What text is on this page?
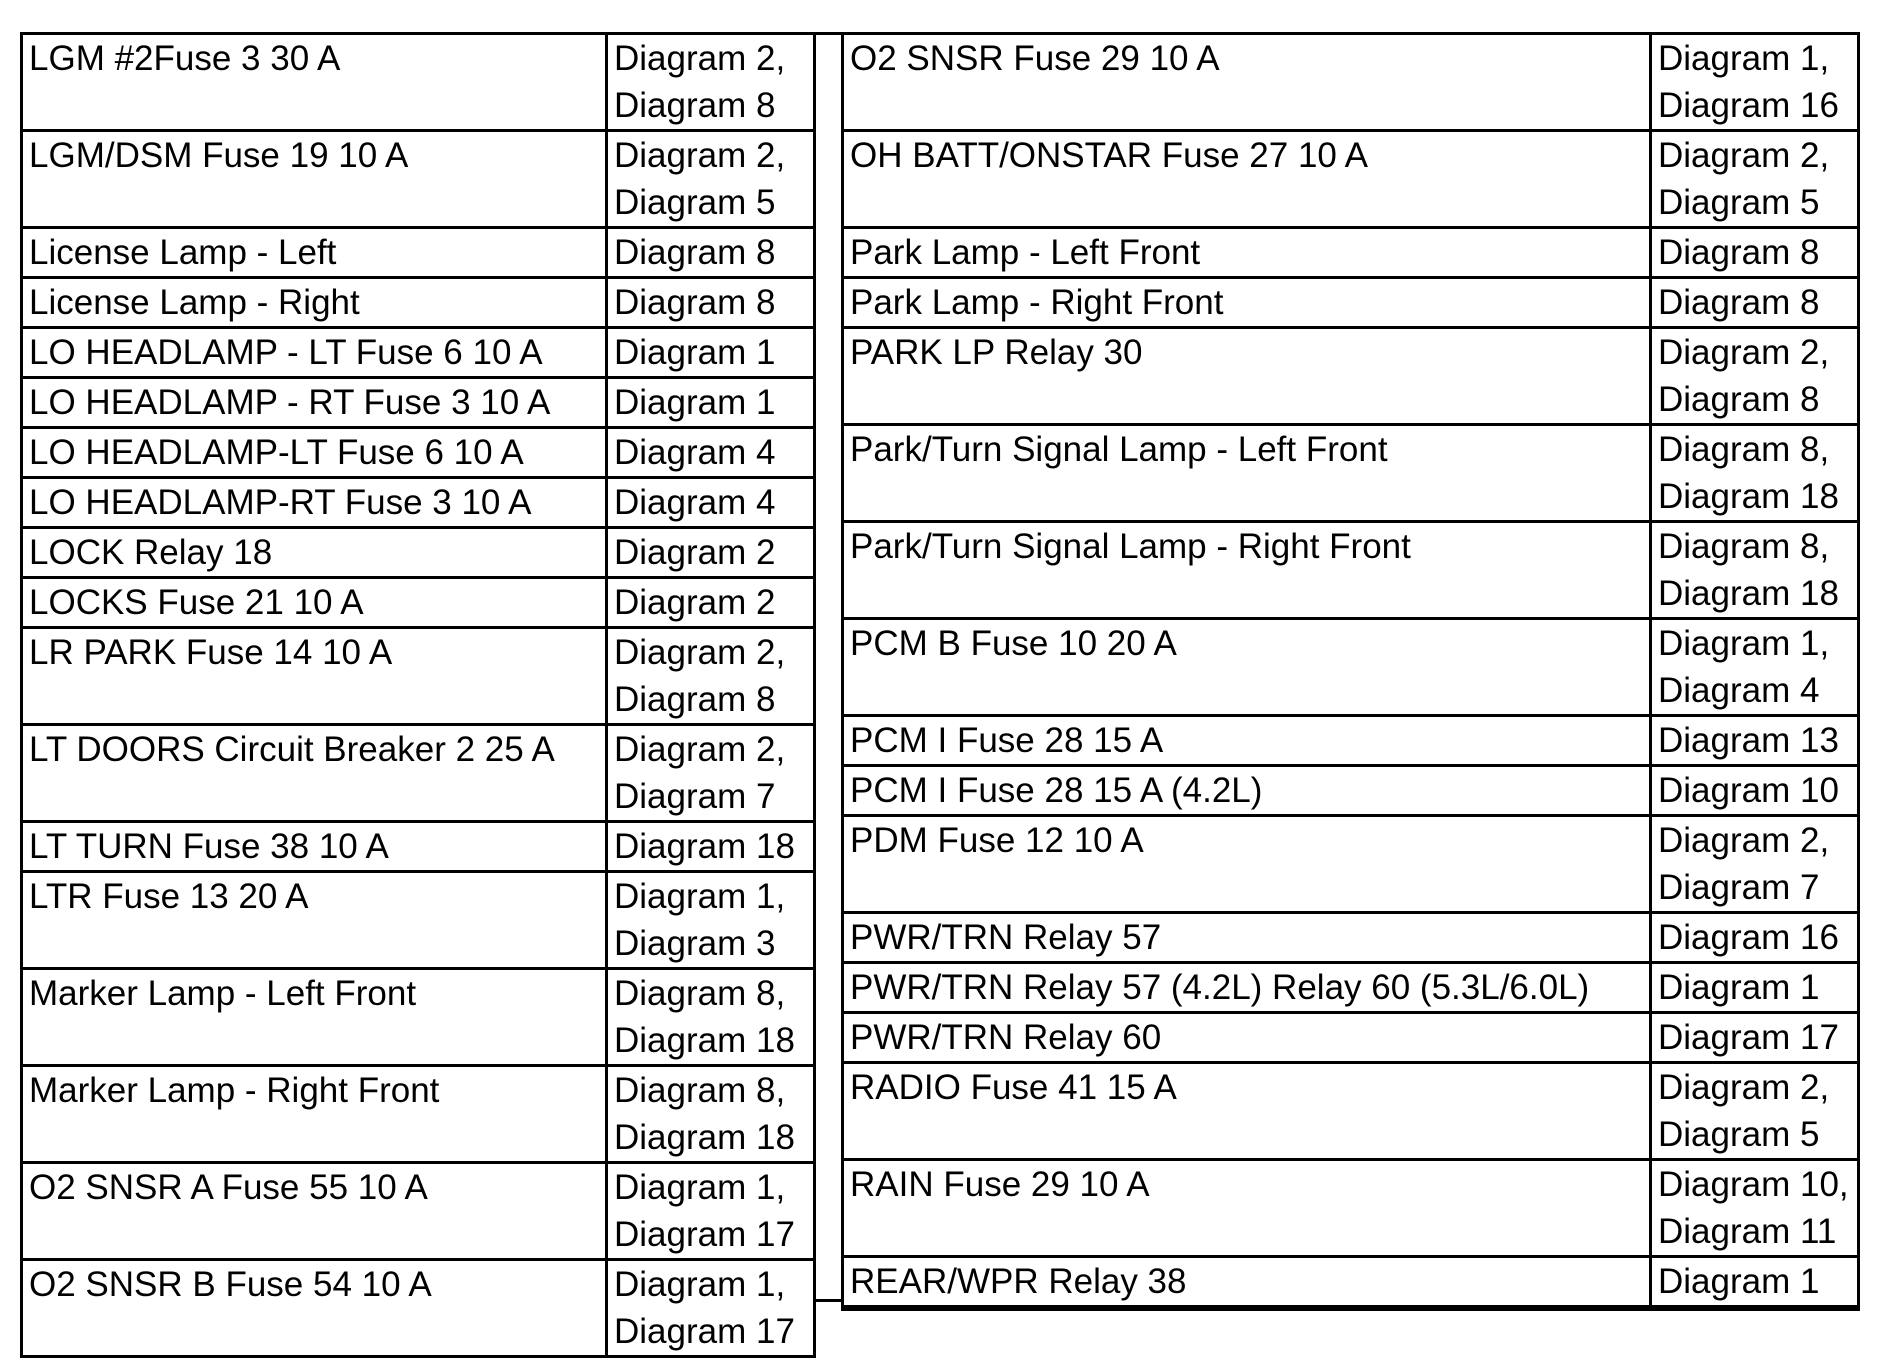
LGM #2Fuse 3 30 A	Diagram 2,
Diagram 8

LGM/DSM Fuse 19 10 A	Diagram 2,
Diagram 5

License Lamp - Left	Diagram 8

License Lamp - Right	Diagram 8

LO HEADLAMP - LT Fuse 6 10 A	Diagram 1

LO HEADLAMP - RT Fuse 3 10 A	Diagram 1

LO HEADLAMP-LT Fuse 6 10 A	Diagram 4

LO HEADLAMP-RT Fuse 3 10 A	Diagram 4

LOCK Relay 18	Diagram 2

LOCKS Fuse 21 10 A	Diagram 2

LR PARK Fuse 14 10 A	Diagram 2,
Diagram 8

LT DOORS Circuit Breaker 2 25 A	Diagram 2,
Diagram 7

LT TURN Fuse 38 10 A	Diagram 18

LTR Fuse 13 20 A	Diagram 1,
Diagram 3

Marker Lamp - Left Front	Diagram 8,
Diagram 18

Marker Lamp - Right Front	Diagram 8,
Diagram 18

O2 SNSR A Fuse 55 10 A	Diagram 1,
Diagram 17

O2 SNSR B Fuse 54 10 A	Diagram 1,
Diagram 17
O2 SNSR Fuse 29 10 A	Diagram 1,
Diagram 16

OH BATT/ONSTAR Fuse 27 10 A	Diagram 2,
Diagram 5

Park Lamp - Left Front	Diagram 8

Park Lamp - Right Front	Diagram 8

PARK LP Relay 30	Diagram 2,
Diagram 8

Park/Turn Signal Lamp - Left Front	Diagram 8,
Diagram 18

Park/Turn Signal Lamp - Right Front	Diagram 8,
Diagram 18

PCM B Fuse 10 20 A	Diagram 1,
Diagram 4

PCM I Fuse 28 15 A	Diagram 13

PCM I Fuse 28 15 A (4.2L)	Diagram 10

PDM Fuse 12 10 A	Diagram 2,
Diagram 7

PWR/TRN Relay 57	Diagram 16

PWR/TRN Relay 57 (4.2L) Relay 60 (5.3L/6.0L)	Diagram 1

PWR/TRN Relay 60	Diagram 17

RADIO Fuse 41 15 A	Diagram 2,
Diagram 5

RAIN Fuse 29 10 A	Diagram 10,
Diagram 11

REAR/WPR Relay 38	Diagram 1
